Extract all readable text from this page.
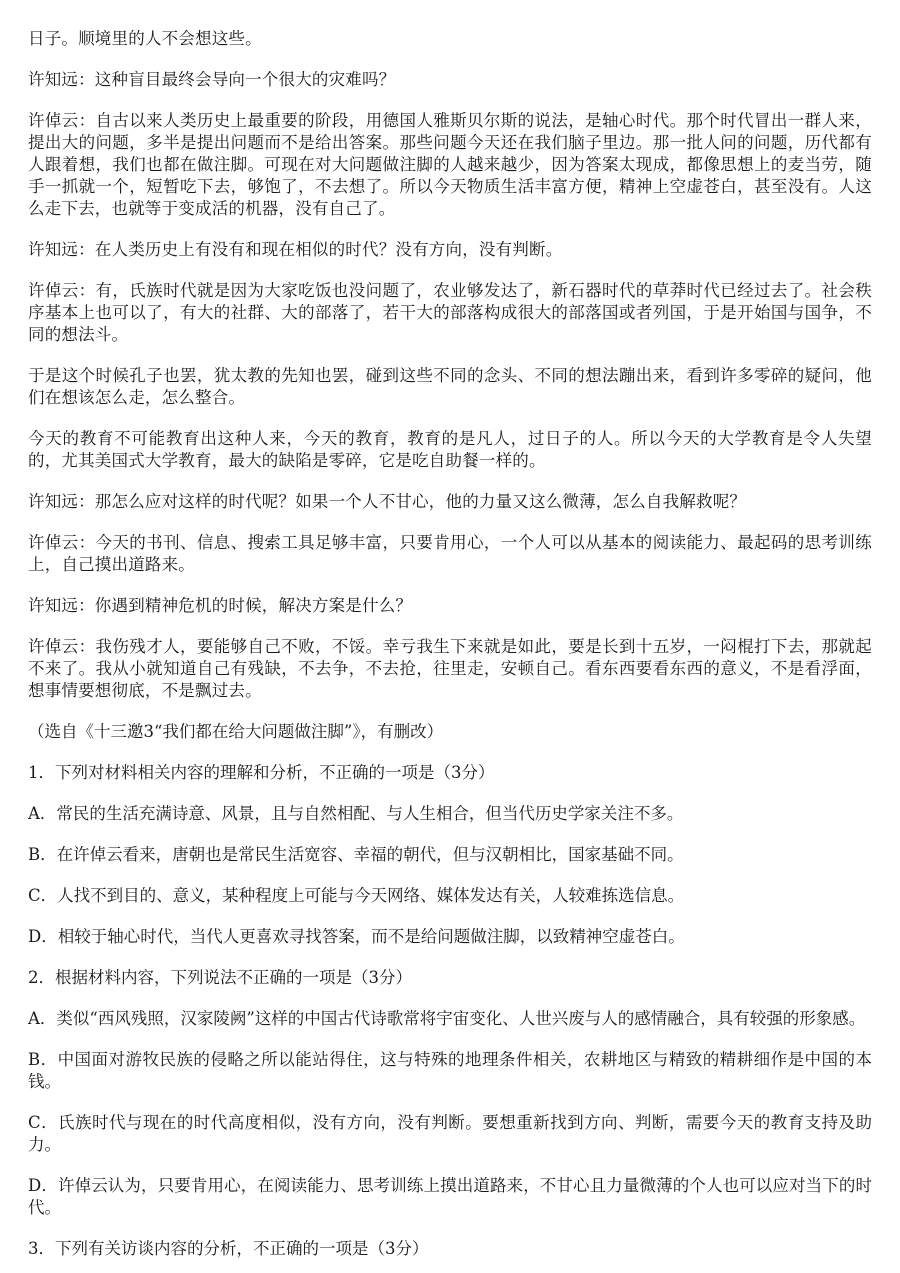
日子。顺境里的人不会想这些。

许知远：这种盲目最终会导向一个很大的灾难吗？

许倬云：自古以来人类历史上最重要的阶段，用德国人雅斯贝尔斯的说法，是轴心时代。那个时代冒出一群人来，提出大的问题，多半是提出问题而不是给出答案。那些问题今天还在我们脑子里边。那一批人问的问题，历代都有人跟着想，我们也都在做注脚。可现在对大问题做注脚的人越来越少，因为答案太现成，都像思想上的麦当劳，随手一抓就一个，短暂吃下去，够饱了，不去想了。所以今天物质生活丰富方便，精神上空虚苍白，甚至没有。人这么走下去，也就等于变成活的机器，没有自己了。

许知远：在人类历史上有没有和现在相似的时代？没有方向，没有判断。

许倬云：有，氏族时代就是因为大家吃饭也没问题了，农业够发达了，新石器时代的草莽时代已经过去了。社会秩序基本上也可以了，有大的社群、大的部落了，若干大的部落构成很大的部落国或者列国，于是开始国与国争，不同的想法斗。

于是这个时候孔子也罢，犹太教的先知也罢，碰到这些不同的念头、不同的想法蹦出来，看到许多零碎的疑问，他们在想该怎么走，怎么整合。

今天的教育不可能教育出这种人来，今天的教育，教育的是凡人，过日子的人。所以今天的大学教育是令人失望的，尤其美国式大学教育，最大的缺陷是零碎，它是吃自助餐一样的。

许知远：那怎么应对这样的时代呢？如果一个人不甘心，他的力量又这么微薄，怎么自我解救呢？

许倬云：今天的书刊、信息、搜索工具足够丰富，只要肯用心，一个人可以从基本的阅读能力、最起码的思考训练上，自己摸出道路来。

许知远：你遇到精神危机的时候，解决方案是什么？

许倬云：我伤残才人，要能够自己不败，不馁。幸亏我生下来就是如此，要是长到十五岁，一闷棍打下去，那就起不来了。我从小就知道自己有残缺，不去争，不去抢，往里走，安顿自己。看东西要看东西的意义，不是看浮面，想事情要想彻底，不是飘过去。

（选自《十三邀3“我们都在给大问题做注脚”》，有删改）

1．下列对材料相关内容的理解和分析，不正确的一项是（3分）

A．常民的生活充满诗意、风景，且与自然相配、与人生相合，但当代历史学家关注不多。

B．在许倬云看来，唐朝也是常民生活宽容、幸福的朝代，但与汉朝相比，国家基础不同。

C．人找不到目的、意义，某种程度上可能与今天网络、媒体发达有关，人较难拣选信息。

D．相较于轴心时代，当代人更喜欢寻找答案，而不是给问题做注脚，以致精神空虚苍白。

2．根据材料内容，下列说法不正确的一项是（3分）

A．类似“西风残照，汉家陵阙”这样的中国古代诗歌常将宇宙变化、人世兴废与人的感情融合，具有较强的形象感。

B．中国面对游牧民族的侵略之所以能站得住，这与特殊的地理条件相关，农耕地区与精致的精耕细作是中国的本钱。

C．氏族时代与现在的时代高度相似，没有方向，没有判断。要想重新找到方向、判断，需要今天的教育支持及助力。

D．许倬云认为，只要肯用心，在阅读能力、思考训练上摸出道路来，不甘心且力量微薄的个人也可以应对当下的时代。

3．下列有关访谈内容的分析，不正确的一项是（3分）
